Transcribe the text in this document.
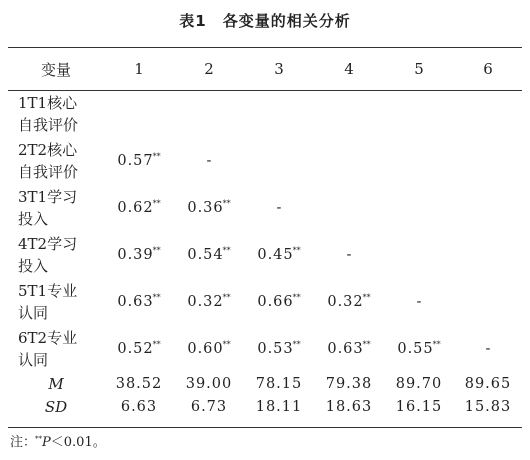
表1　各变量的相关分析
变量	1	2	3	4	5	6

1T1核心
自我评价						

2T2核心
自我评价	0.57**	-				

3T1学习
投入	0.62**	0.36**	-			

4T2学习
投入	0.39**	0.54**	0.45**	-		

5T1专业
认同	0.63**	0.32**	0.66**	0.32**	-	

6T2专业
认同	0.52**	0.60**	0.53**	0.63**	0.55**	-
M	38.52	39.00	78.15	79.38	89.70	89.65
SD	6.63	6.73	18.11	18.63	16.15	15.83
注：**P＜0.01。
